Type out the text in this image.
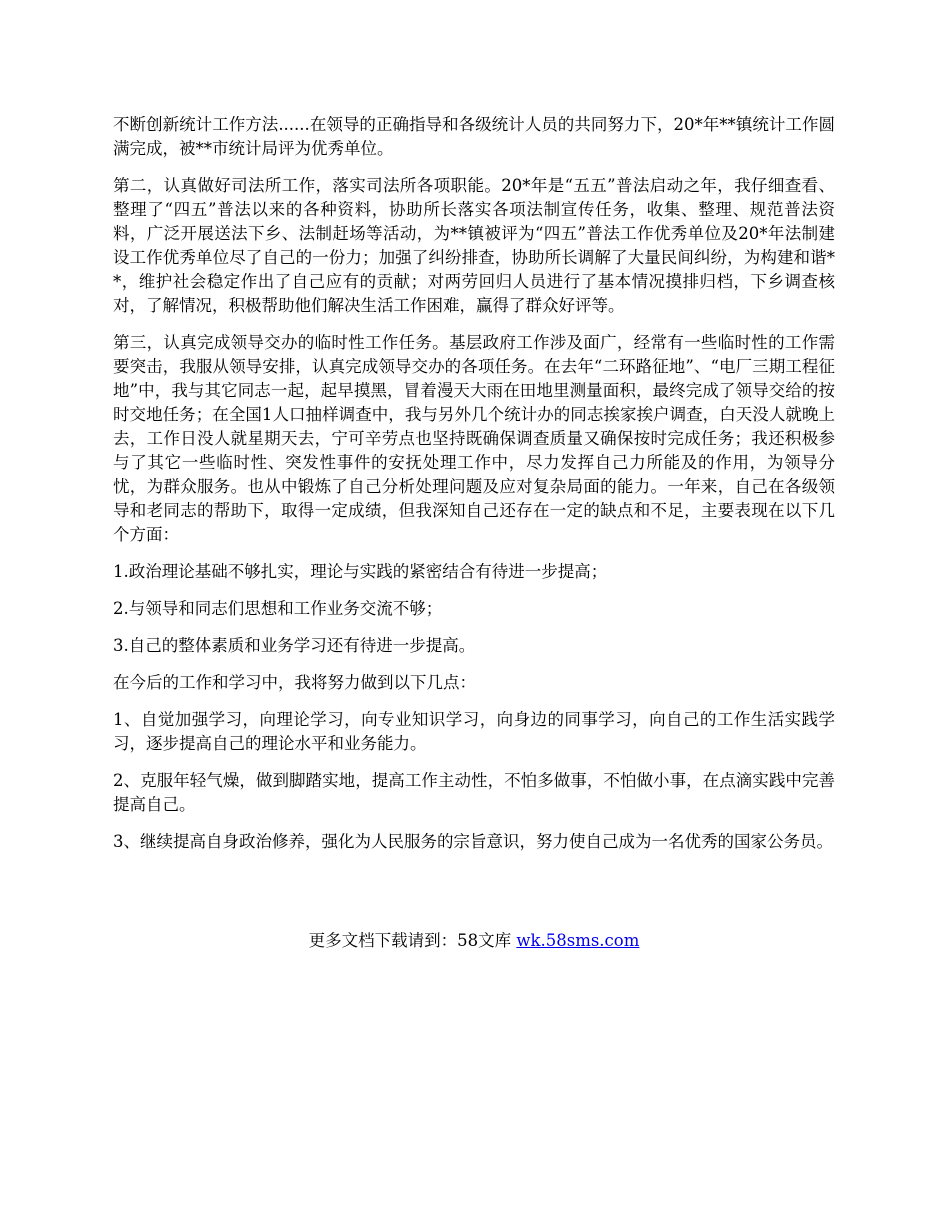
不断创新统计工作方法......在领导的正确指导和各级统计人员的共同努力下，20*年**镇统计工作圆满完成，被**市统计局评为优秀单位。

第二，认真做好司法所工作，落实司法所各项职能。20*年是“五五”普法启动之年，我仔细查看、整理了“四五”普法以来的各种资料，协助所长落实各项法制宣传任务，收集、整理、规范普法资料，广泛开展送法下乡、法制赶场等活动，为**镇被评为“四五”普法工作优秀单位及20*年法制建设工作优秀单位尽了自己的一份力；加强了纠纷排查，协助所长调解了大量民间纠纷，为构建和谐**，维护社会稳定作出了自己应有的贡献；对两劳回归人员进行了基本情况摸排归档，下乡调查核对，了解情况，积极帮助他们解决生活工作困难，赢得了群众好评等。

第三，认真完成领导交办的临时性工作任务。基层政府工作涉及面广，经常有一些临时性的工作需要突击，我服从领导安排，认真完成领导交办的各项任务。在去年“二环路征地”、“电厂三期工程征地”中，我与其它同志一起，起早摸黑，冒着漫天大雨在田地里测量面积，最终完成了领导交给的按时交地任务；在全国1人口抽样调查中，我与另外几个统计办的同志挨家挨户调查，白天没人就晚上去，工作日没人就星期天去，宁可辛劳点也坚持既确保调查质量又确保按时完成任务；我还积极参与了其它一些临时性、突发性事件的安抚处理工作中，尽力发挥自己力所能及的作用，为领导分忧，为群众服务。也从中锻炼了自己分析处理问题及应对复杂局面的能力。一年来，自己在各级领导和老同志的帮助下，取得一定成绩，但我深知自己还存在一定的缺点和不足，主要表现在以下几个方面：

1.政治理论基础不够扎实，理论与实践的紧密结合有待进一步提高；

2.与领导和同志们思想和工作业务交流不够；

3.自己的整体素质和业务学习还有待进一步提高。

在今后的工作和学习中，我将努力做到以下几点：

1、自觉加强学习，向理论学习，向专业知识学习，向身边的同事学习，向自己的工作生活实践学习，逐步提高自己的理论水平和业务能力。

2、克服年轻气燥，做到脚踏实地，提高工作主动性，不怕多做事，不怕做小事，在点滴实践中完善提高自己。

3、继续提高自身政治修养，强化为人民服务的宗旨意识，努力使自己成为一名优秀的国家公务员。

更多文档下载请到：58文库 wk.58sms.com
